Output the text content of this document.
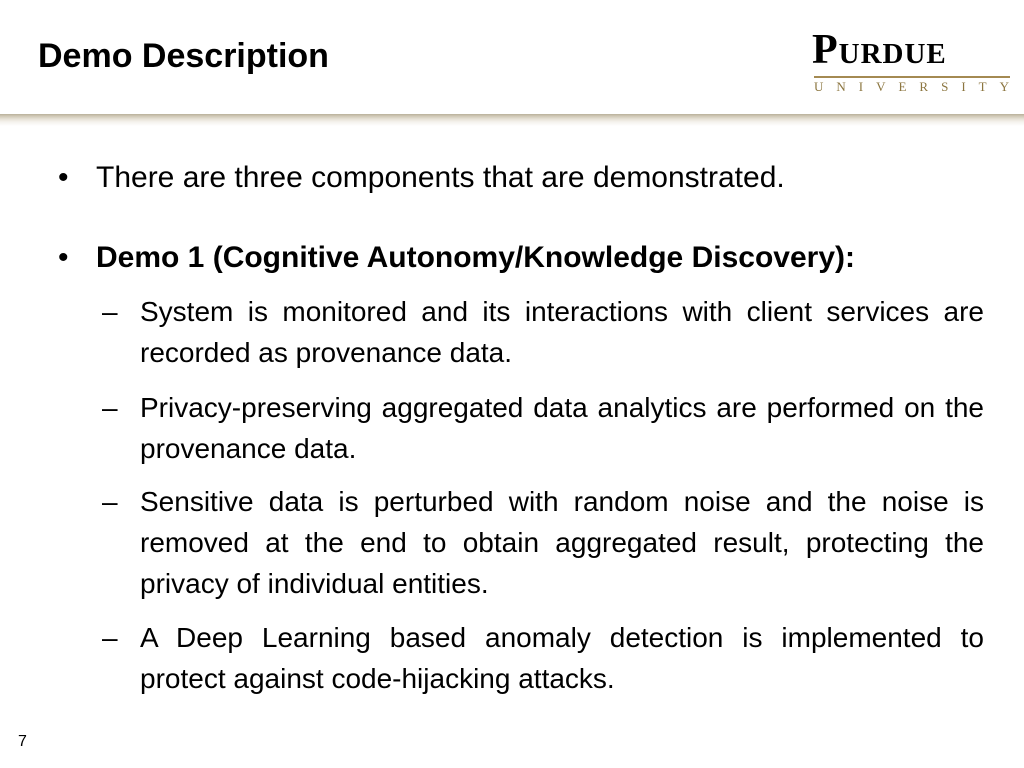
Demo Description	Purdue
UNIVERSITY
• There are three components that are demonstrated.
• Demo 1 (Cognitive Autonomy/Knowledge Discovery):
– System is monitored and its interactions with client services are recorded as provenance data.
– Privacy-preserving aggregated data analytics are performed on the provenance data.
– Sensitive data is perturbed with random noise and the noise is removed at the end to obtain aggregated result, protecting the privacy of individual entities.
– A Deep Learning based anomaly detection is implemented to protect against code-hijacking attacks.
7
